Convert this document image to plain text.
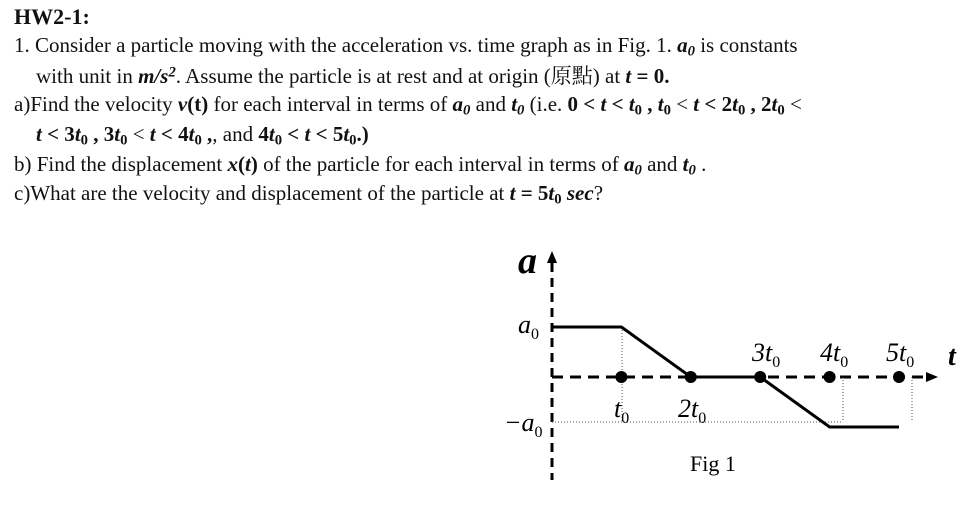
HW2-1:
1. Consider a particle moving with the acceleration vs. time graph as in Fig. 1. $a_0$ is constants
with unit in $m/s^2$. Assume the particle is at rest and at origin (原點) at t = 0.
a)Find the velocity v(t) for each interval in terms of $a_0$ and $t_0$ (i.e. $0 < t < t_0$ , $t_0 < t < 2t_0$ , $2t_0$ <
$t < 3t_0$ , $3t_0 < t < 4t_0$ ,, and $4t_0 < t < 5t_0$.)
b) Find the displacement x(t) of the particle for each interval in terms of $a_0$ and $t_0$ .
c)What are the velocity and displacement of the particle at $t = 5t_0$ sec?
a
t
$a_0$
$-a_0$
$t_0$ $2t_0$
$3t_0$ $4t_0$ $5t_0$
Fig 1
